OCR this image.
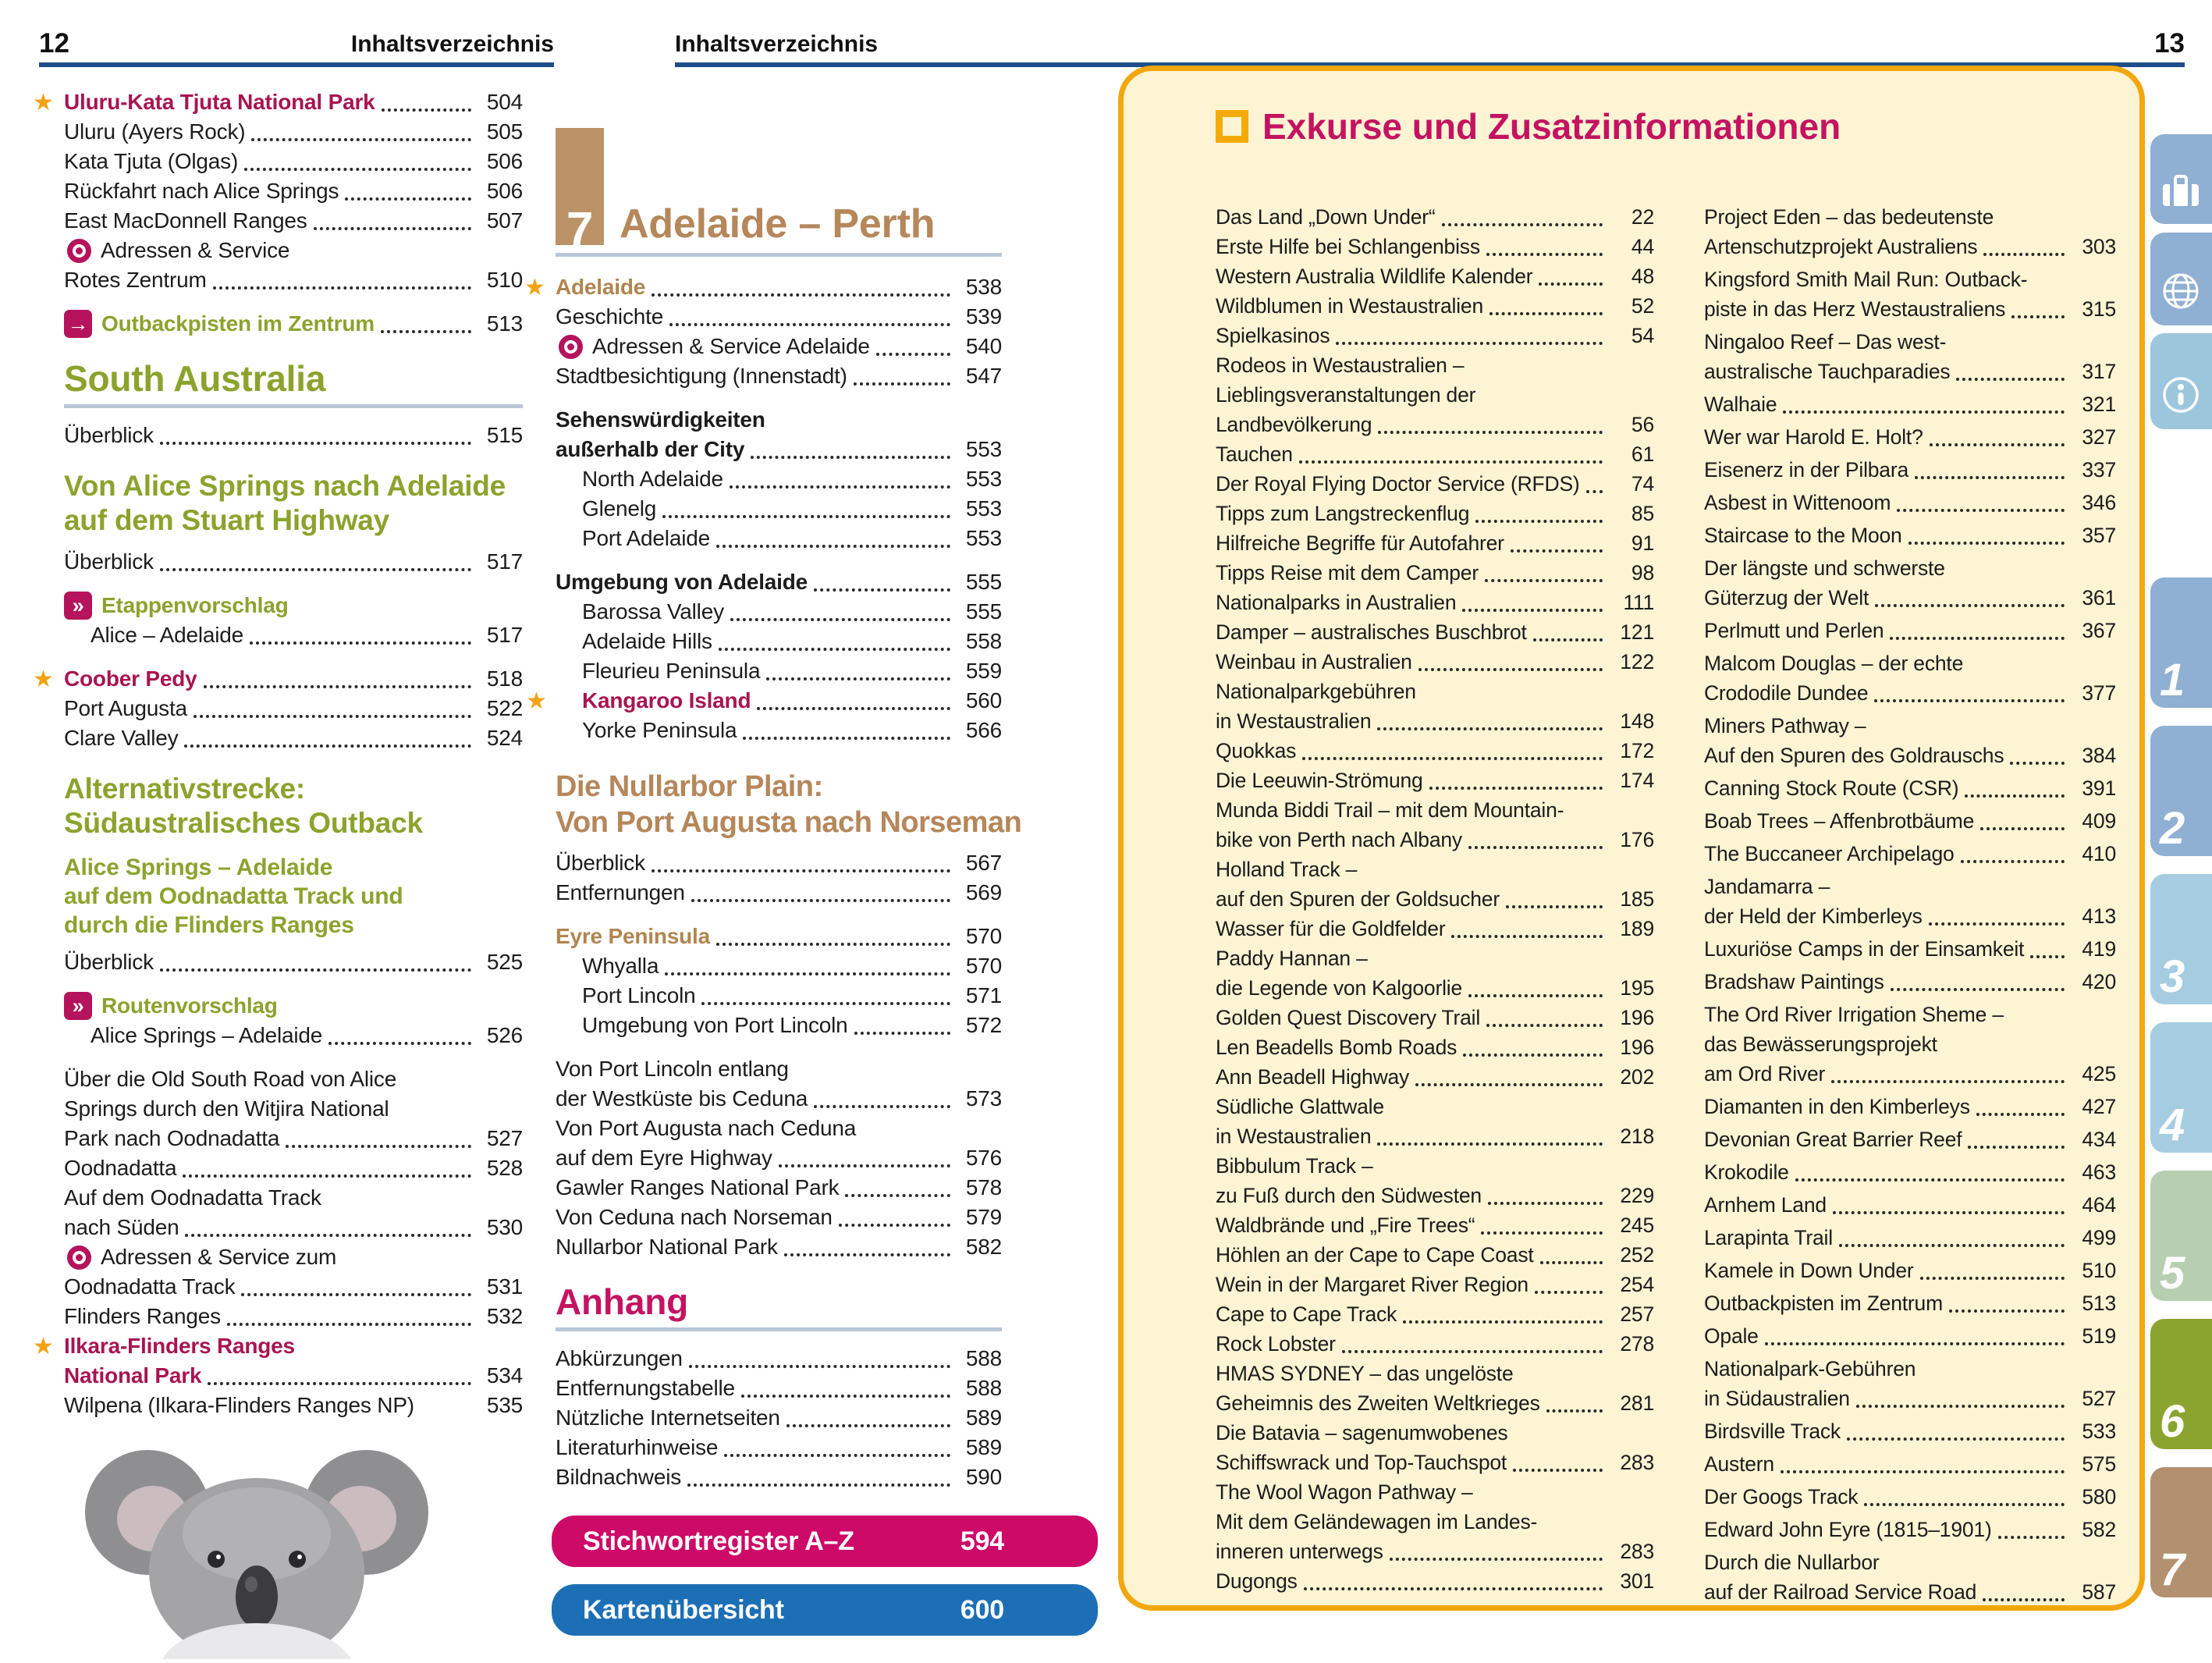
12	Inhaltsverzeichnis	Inhaltsverzeichnis	13
★ Uluru-Kata Tjuta National Park	504
Uluru (Ayers Rock)	505
Kata Tjuta (Olgas)	506
Rückfahrt nach Alice Springs	506
East MacDonnell Ranges	507
Adressen & Service
Rotes Zentrum	510
→ Outbackpisten im Zentrum	513
South Australia
Überblick	515
Von Alice Springs nach Adelaide
auf dem Stuart Highway
Überblick	517
» Etappenvorschlag
Alice – Adelaide	517
★ Coober Pedy	518
Port Augusta	522
Clare Valley	524
Alternativstrecke:
Südaustralisches Outback
Alice Springs – Adelaide
auf dem Oodnadatta Track und
durch die Flinders Ranges
Überblick	525
» Routenvorschlag
Alice Springs – Adelaide	526
Über die Old South Road von Alice
Springs durch den Witjira National
Park nach Oodnadatta	527
Oodnadatta	528
Auf dem Oodnadatta Track
nach Süden	530
Adressen & Service zum
Oodnadatta Track	531
Flinders Ranges	532
★ Ilkara-Flinders Ranges
National Park	534
Wilpena (Ilkara-Flinders Ranges NP)	535
7 Adelaide – Perth
★ Adelaide	538
Geschichte	539
Adressen & Service Adelaide	540
Stadtbesichtigung (Innenstadt)	547
Sehenswürdigkeiten
außerhalb der City	553
North Adelaide	553
Glenelg	553
Port Adelaide	553
Umgebung von Adelaide	555
Barossa Valley	555
Adelaide Hills	558
Fleurieu Peninsula	559
★ Kangaroo Island	560
Yorke Peninsula	566
Die Nullarbor Plain:
Von Port Augusta nach Norseman
Überblick	567
Entfernungen	569
Eyre Peninsula	570
Whyalla	570
Port Lincoln	571
Umgebung von Port Lincoln	572
Von Port Lincoln entlang
der Westküste bis Ceduna	573
Von Port Augusta nach Ceduna
auf dem Eyre Highway	576
Gawler Ranges National Park	578
Von Ceduna nach Norseman	579
Nullarbor National Park	582
Anhang
Abkürzungen	588
Entfernungstabelle	588
Nützliche Internetseiten	589
Literaturhinweise	589
Bildnachweis	590
Stichwortregister A–Z	594
Kartenübersicht	600
Exkurse und Zusatzinformationen
Das Land „Down Under“	22
Erste Hilfe bei Schlangenbiss	44
Western Australia Wildlife Kalender	48
Wildblumen in Westaustralien	52
Spielkasinos	54
Rodeos in Westaustralien –
Lieblingsveranstaltungen der
Landbevölkerung	56
Tauchen	61
Der Royal Flying Doctor Service (RFDS)	74
Tipps zum Langstreckenflug	85
Hilfreiche Begriffe für Autofahrer	91
Tipps Reise mit dem Camper	98
Nationalparks in Australien	111
Damper – australisches Buschbrot	121
Weinbau in Australien	122
Nationalparkgebühren
in Westaustralien	148
Quokkas	172
Die Leeuwin-Strömung	174
Munda Biddi Trail – mit dem Mountain-
bike von Perth nach Albany	176
Holland Track –
auf den Spuren der Goldsucher	185
Wasser für die Goldfelder	189
Paddy Hannan –
die Legende von Kalgoorlie	195
Golden Quest Discovery Trail	196
Len Beadells Bomb Roads	196
Ann Beadell Highway	202
Südliche Glattwale
in Westaustralien	218
Bibbulum Track –
zu Fuß durch den Südwesten	229
Waldbrände und „Fire Trees“	245
Höhlen an der Cape to Cape Coast	252
Wein in der Margaret River Region	254
Cape to Cape Track	257
Rock Lobster	278
HMAS SYDNEY – das ungelöste
Geheimnis des Zweiten Weltkrieges	281
Die Batavia – sagenumwobenes
Schiffswrack und Top-Tauchspot	283
The Wool Wagon Pathway –
Mit dem Geländewagen im Landes-
inneren unterwegs	283
Dugongs	301
Project Eden – das bedeutenste
Artenschutzprojekt Australiens	303
Kingsford Smith Mail Run: Outback-
piste in das Herz Westaustraliens	315
Ningaloo Reef – Das west-
australische Tauchparadies	317
Walhaie	321
Wer war Harold E. Holt?	327
Eisenerz in der Pilbara	337
Asbest in Wittenoom	346
Staircase to the Moon	357
Der längste und schwerste
Güterzug der Welt	361
Perlmutt und Perlen	367
Malcom Douglas – der echte
Crododile Dundee	377
Miners Pathway –
Auf den Spuren des Goldrauschs	384
Canning Stock Route (CSR)	391
Boab Trees – Affenbrotbäume	409
The Buccaneer Archipelago	410
Jandamarra –
der Held der Kimberleys	413
Luxuriöse Camps in der Einsamkeit	419
Bradshaw Paintings	420
The Ord River Irrigation Sheme –
das Bewässerungsprojekt
am Ord River	425
Diamanten in den Kimberleys	427
Devonian Great Barrier Reef	434
Krokodile	463
Arnhem Land	464
Larapinta Trail	499
Kamele in Down Under	510
Outbackpisten im Zentrum	513
Opale	519
Nationalpark-Gebühren
in Südaustralien	527
Birdsville Track	533
Austern	575
Der Googs Track	580
Edward John Eyre (1815–1901)	582
Durch die Nullarbor
auf der Railroad Service Road	587
1
2
3
4
5
6
7
